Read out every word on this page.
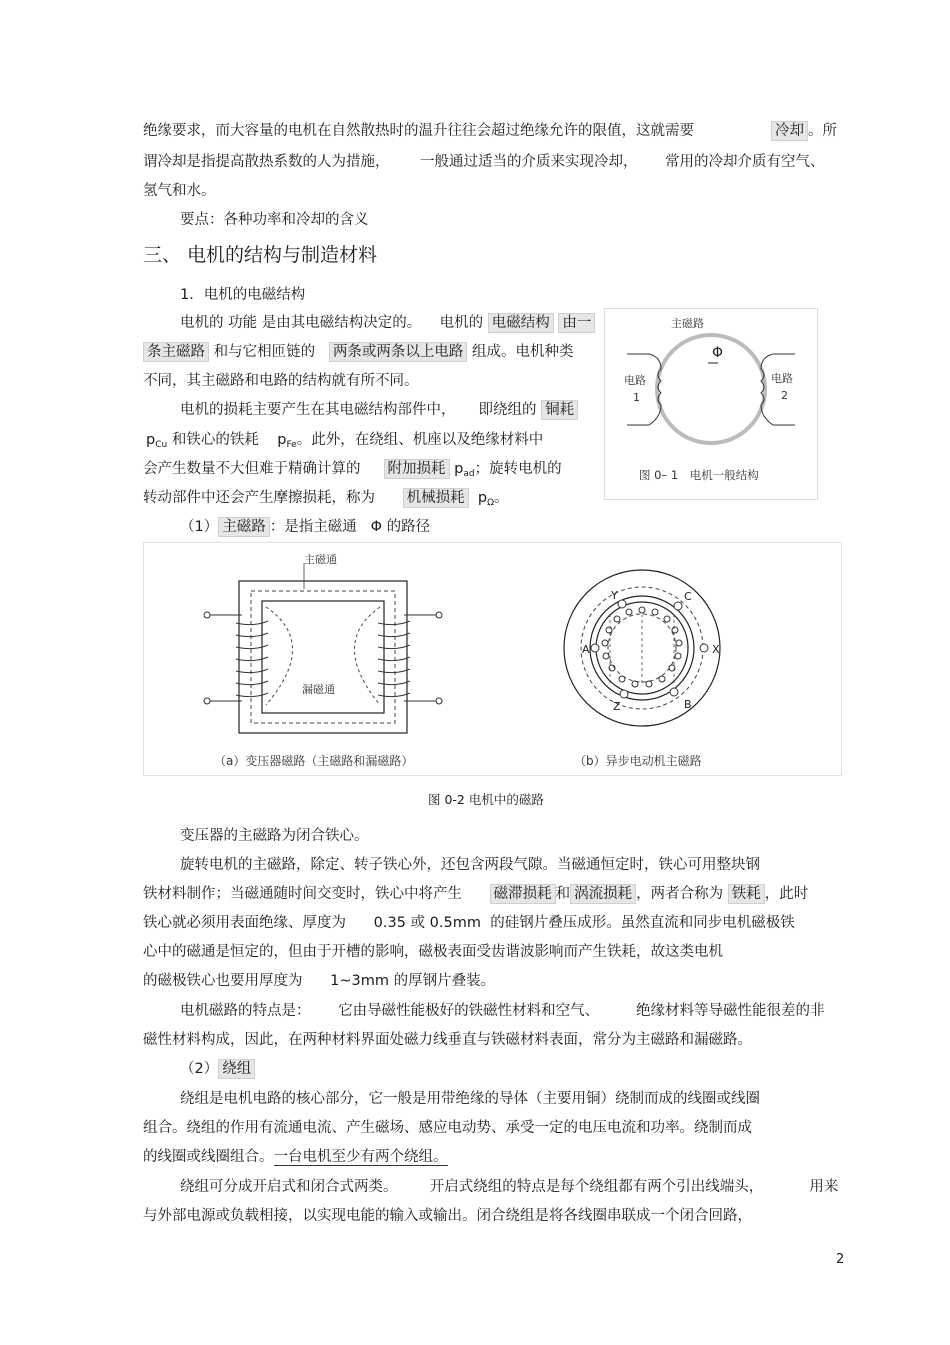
绝缘要求，而大容量的电机在自然散热时的温升往往会超过绝缘允许的限值，这就需要	冷却 。所
谓冷却是指提高散热系数的人为措施， 一般通过适当的介质来实现冷却， 常用的冷却介质有空气、
氢气和水。
要点：各种功率和冷却的含义
三、 电机的结构与制造材料
1．电机的电磁结构
电机的 功能 是由其电磁结构决定的。 电机的 电磁结构 由一
条主磁路 和与它相匝链的 两条或两条以上电路 组成。电机种类
不同，其主磁路和电路的结构就有所不同。
电机的损耗主要产生在其电磁结构部件中， 即绕组的 铜耗
$p_{Cu}$ 和铁心的铁耗 $p_{Fe}$。此外，在绕组、机座以及绝缘材料中
会产生数量不大但难于精确计算的 附加损耗 $p_{ad}$；旋转电机的
转动部件中还会产生摩擦损耗，称为 机械损耗 $p_\Omega$。
主磁路
Φ
电路
1
电路
2
图 0– 1　电机一般结构
（1） 主磁路 ：是指主磁通 Φ 的路径
主磁通
漏磁通
（a）变压器磁路（主磁路和漏磁路）
Y	C
A	X
Z	B
（b）异步电动机主磁路
图 0-2 电机中的磁路
变压器的主磁路为闭合铁心。
旋转电机的主磁路，除定、转子铁心外，还包含两段气隙。当磁通恒定时，铁心可用整块钢
铁材料制作；当磁通随时间交变时，铁心中将产生 磁滞损耗 和 涡流损耗 ，两者合称为 铁耗 ，此时
铁心就必须用表面绝缘、厚度为 0.35 或 0.5mm 的硅钢片叠压成形。虽然直流和同步电机磁极铁
心中的磁通是恒定的，但由于开槽的影响，磁极表面受齿谐波影响而产生铁耗，故这类电机
的磁极铁心也要用厚度为 1~3mm 的厚钢片叠装。
电机磁路的特点是： 它由导磁性能极好的铁磁性材料和空气、	绝缘材料等导磁性能很差的非
磁性材料构成，因此，在两种材料界面处磁力线垂直与铁磁材料表面，常分为主磁路和漏磁路。
（2） 绕组
绕组是电机电路的核心部分，它一般是用带绝缘的导体（主要用铜）绕制而成的线圈或线圈
组合。绕组的作用有流通电流、产生磁场、感应电动势、承受一定的电压电流和功率。绕制而成
的线圈或线圈组合。一台电机至少有两个绕组。
绕组可分成开启式和闭合式两类。 开启式绕组的特点是每个绕组都有两个引出线端头，	用来
与外部电源或负载相接，以实现电能的输入或输出。闭合绕组是将各线圈串联成一个闭合回路，
2
